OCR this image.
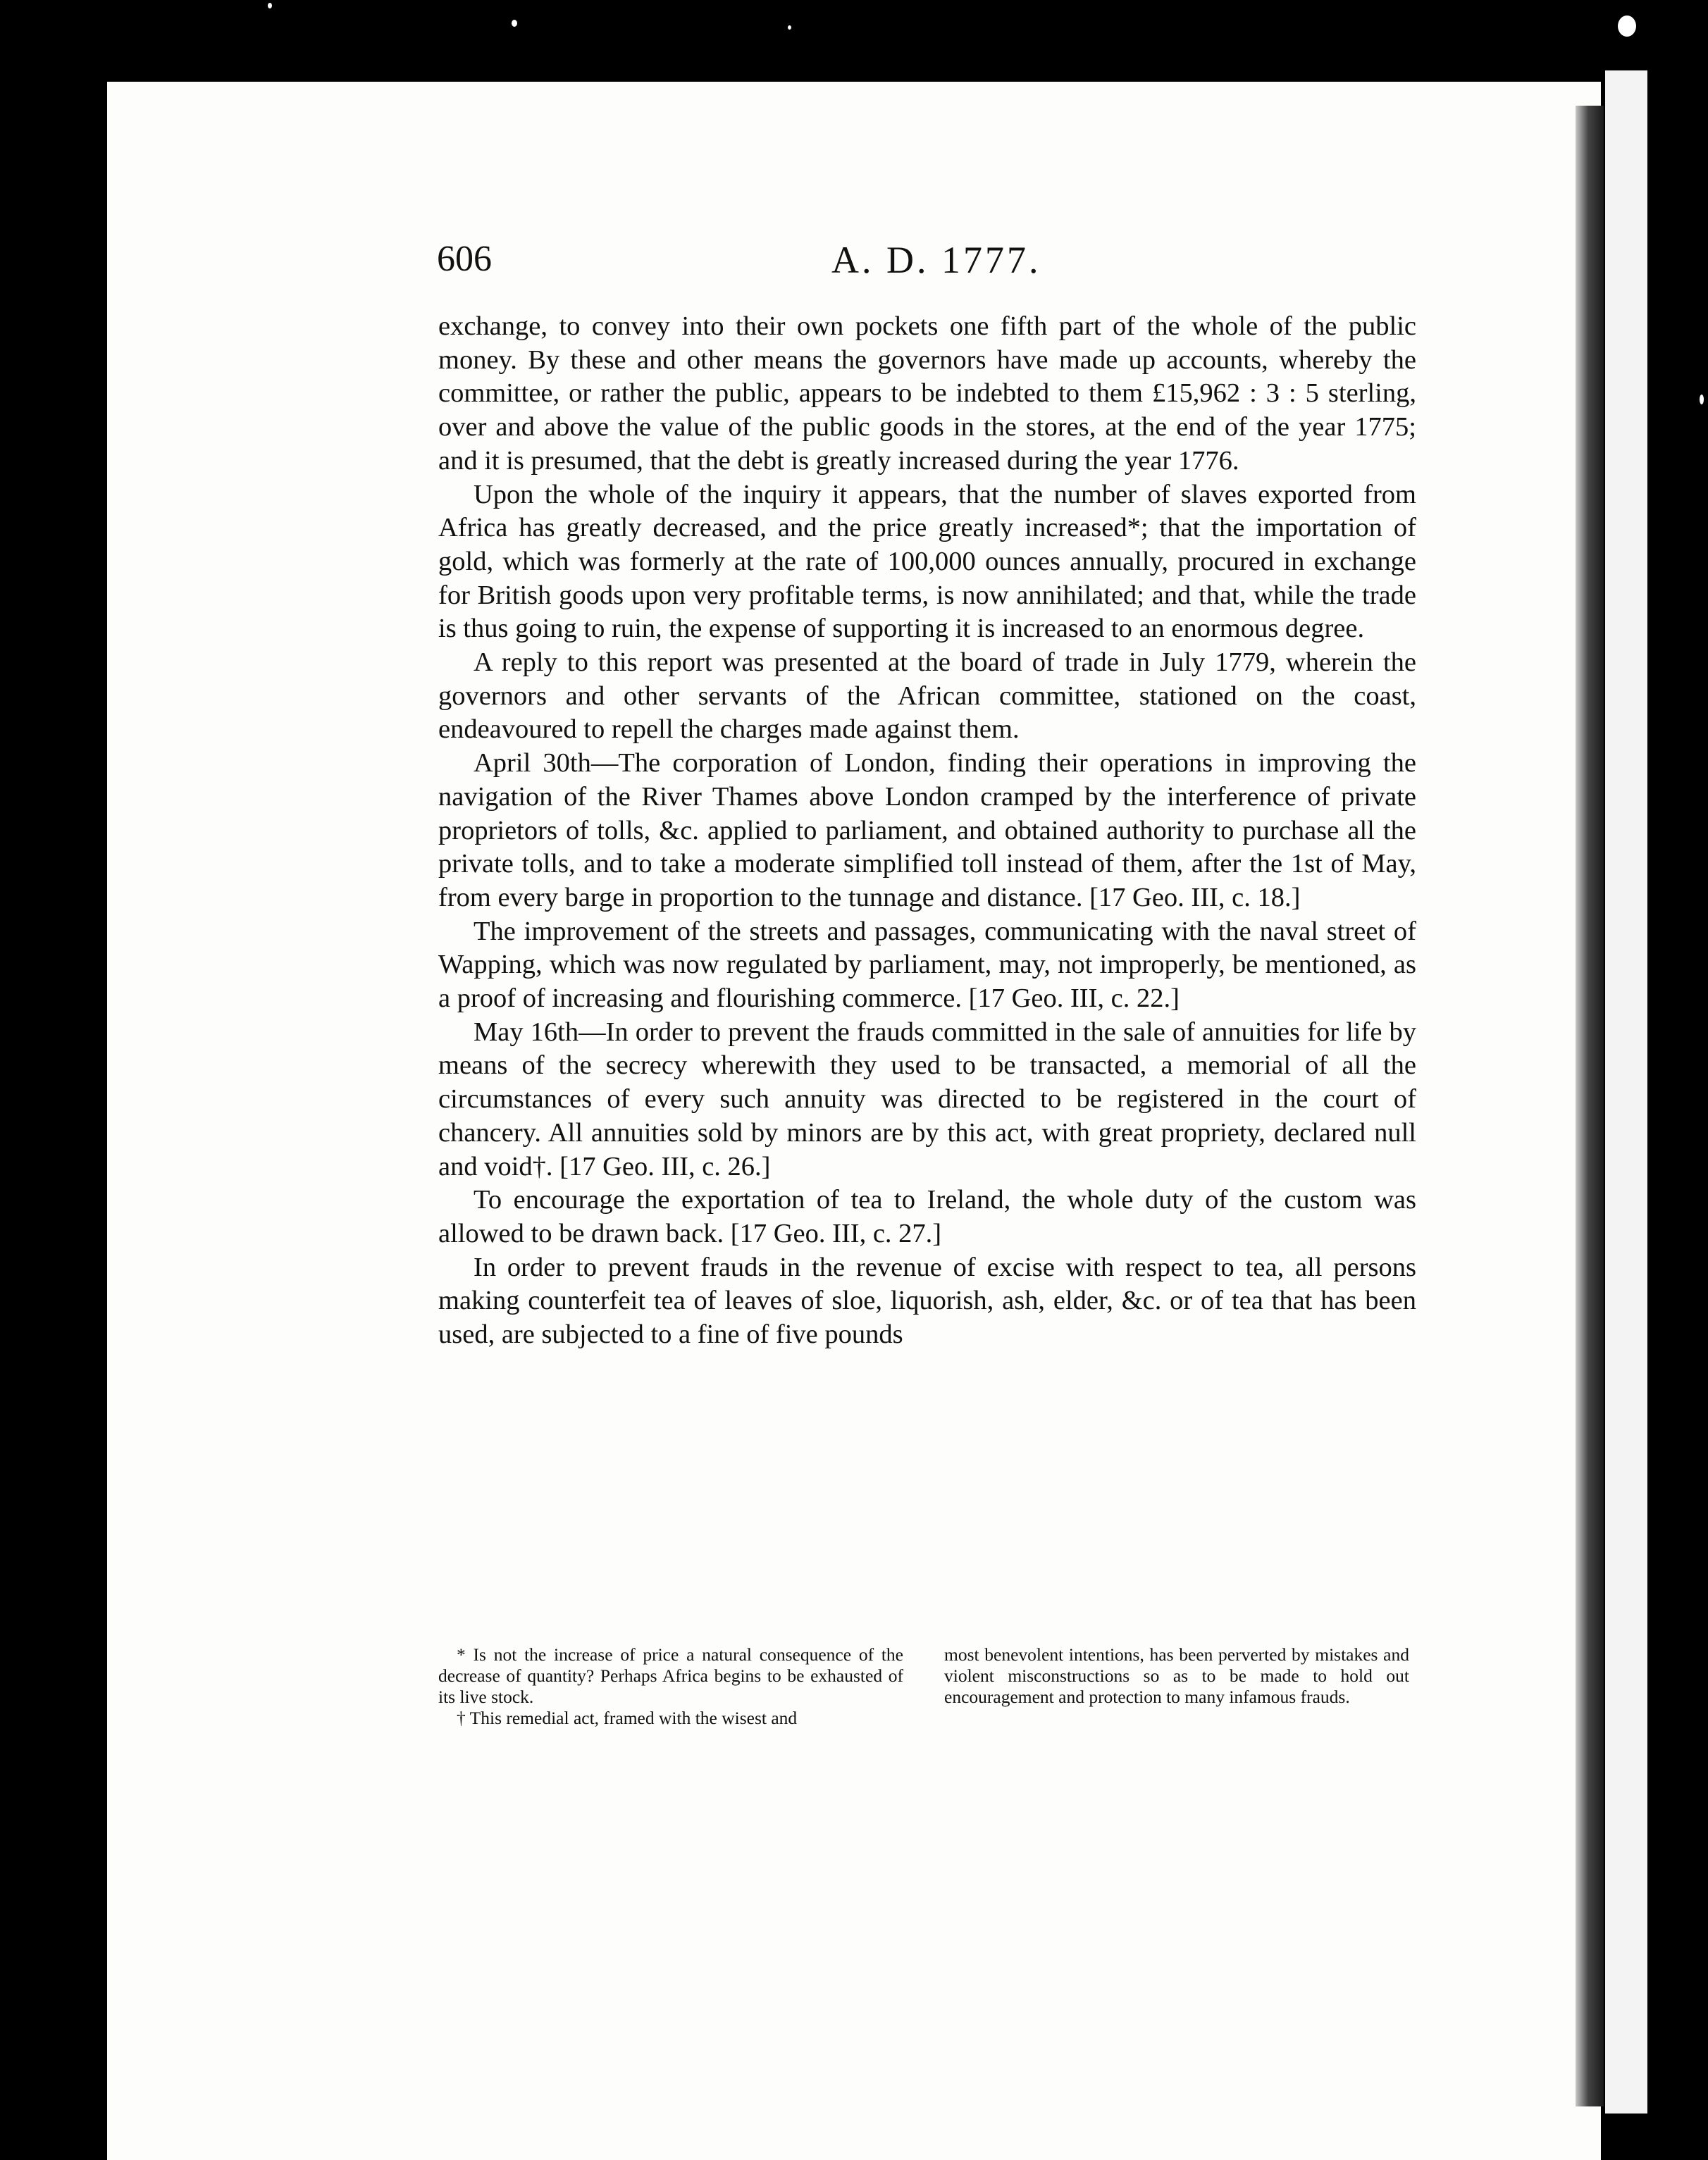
606	A. D. 1777.

exchange, to convey into their own pockets one fifth part of the whole of the public money. By these and other means the governors have made up accounts, whereby the committee, or rather the public, appears to be indebted to them £15,962 : 3 : 5 sterling, over and above the value of the public goods in the stores, at the end of the year 1775; and it is presumed, that the debt is greatly increased during the year 1776.

Upon the whole of the inquiry it appears, that the number of slaves exported from Africa has greatly decreased, and the price greatly increased*; that the importation of gold, which was formerly at the rate of 100,000 ounces annually, procured in exchange for British goods upon very profitable terms, is now annihilated; and that, while the trade is thus going to ruin, the expense of supporting it is increased to an enormous degree.

A reply to this report was presented at the board of trade in July 1779, wherein the governors and other servants of the African committee, stationed on the coast, endeavoured to repell the charges made against them.

April 30th—The corporation of London, finding their operations in improving the navigation of the River Thames above London cramped by the interference of private proprietors of tolls, &c. applied to parliament, and obtained authority to purchase all the private tolls, and to take a moderate simplified toll instead of them, after the 1st of May, from every barge in proportion to the tunnage and distance. [17 Geo. III, c. 18.]

The improvement of the streets and passages, communicating with the naval street of Wapping, which was now regulated by parliament, may, not improperly, be mentioned, as a proof of increasing and flourishing commerce. [17 Geo. III, c. 22.]

May 16th—In order to prevent the frauds committed in the sale of annuities for life by means of the secrecy wherewith they used to be transacted, a memorial of all the circumstances of every such annuity was directed to be registered in the court of chancery. All annuities sold by minors are by this act, with great propriety, declared null and void†. [17 Geo. III, c. 26.]

To encourage the exportation of tea to Ireland, the whole duty of the custom was allowed to be drawn back. [17 Geo. III, c. 27.]

In order to prevent frauds in the revenue of excise with respect to tea, all persons making counterfeit tea of leaves of sloe, liquorish, ash, elder, &c. or of tea that has been used, are subjected to a fine of five pounds

* Is not the increase of price a natural consequence of the decrease of quantity? Perhaps Africa begins to be exhausted of its live stock.

† This remedial act, framed with the wisest and

most benevolent intentions, has been perverted by mistakes and violent misconstructions so as to be made to hold out encouragement and protection to many infamous frauds.
